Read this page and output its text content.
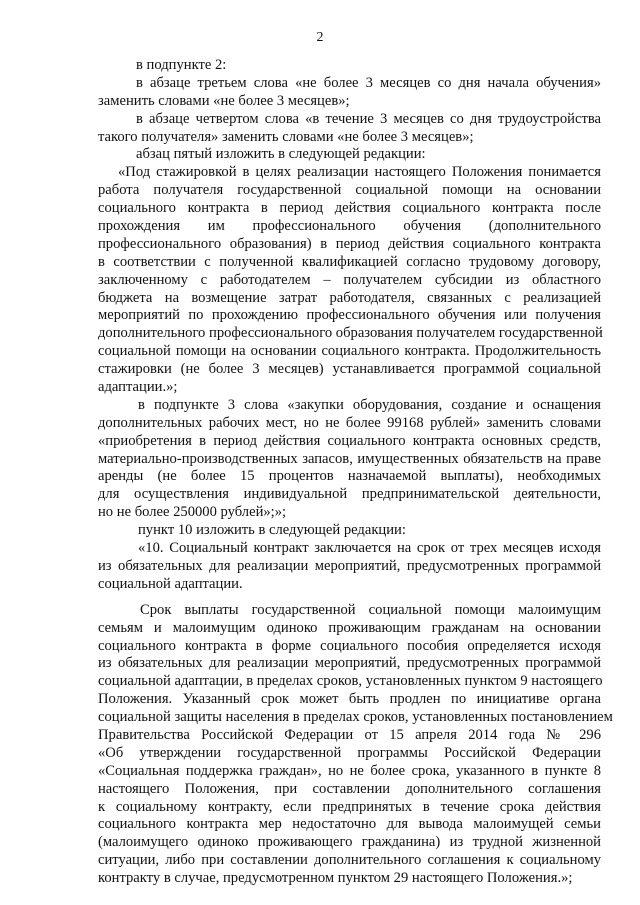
2
в подпункте 2:
в абзаце третьем слова «не более 3 месяцев со дня начала обучения»
заменить словами «не более 3 месяцев»;
в абзаце четвертом слова «в течение 3 месяцев со дня трудоустройства
такого получателя» заменить словами «не более 3 месяцев»;
абзац пятый изложить в следующей редакции:
«Под стажировкой в целях реализации настоящего Положения понимается
работа получателя государственной социальной помощи на основании
социального контракта в период действия социального контракта после
прохождения им профессионального обучения (дополнительного
профессионального образования) в период действия социального контракта
в соответствии с полученной квалификацией согласно трудовому договору,
заключенному с работодателем – получателем субсидии из областного
бюджета на возмещение затрат работодателя, связанных с реализацией
мероприятий по прохождению профессионального обучения или получения
дополнительного профессионального образования получателем государственной
социальной помощи на основании социального контракта. Продолжительность
стажировки (не более 3 месяцев) устанавливается программой социальной
адаптации.»;
в подпункте 3 слова «закупки оборудования, создание и оснащения
дополнительных рабочих мест, но не более 99168 рублей» заменить словами
«приобретения в период действия социального контракта основных средств,
материально-производственных запасов, имущественных обязательств на праве
аренды (не более 15 процентов назначаемой выплаты), необходимых
для осуществления индивидуальной предпринимательской деятельности,
но не более 250000 рублей»;»;
пункт 10 изложить в следующей редакции:
«10. Социальный контракт заключается на срок от трех месяцев исходя
из обязательных для реализации мероприятий, предусмотренных программой
социальной адаптации.
Срок выплаты государственной социальной помощи малоимущим
семьям и малоимущим одиноко проживающим гражданам на основании
социального контракта в форме социального пособия определяется исходя
из обязательных для реализации мероприятий, предусмотренных программой
социальной адаптации, в пределах сроков, установленных пунктом 9 настоящего
Положения. Указанный срок может быть продлен по инициативе органа
социальной защиты населения в пределах сроков, установленных постановлением
Правительства Российской Федерации от 15 апреля 2014 года № 296
«Об утверждении государственной программы Российской Федерации
«Социальная поддержка граждан», но не более срока, указанного в пункте 8
настоящего Положения, при составлении дополнительного соглашения
к социальному контракту, если предпринятых в течение срока действия
социального контракта мер недостаточно для вывода малоимущей семьи
(малоимущего одиноко проживающего гражданина) из трудной жизненной
ситуации, либо при составлении дополнительного соглашения к социальному
контракту в случае, предусмотренном пунктом 29 настоящего Положения.»;
